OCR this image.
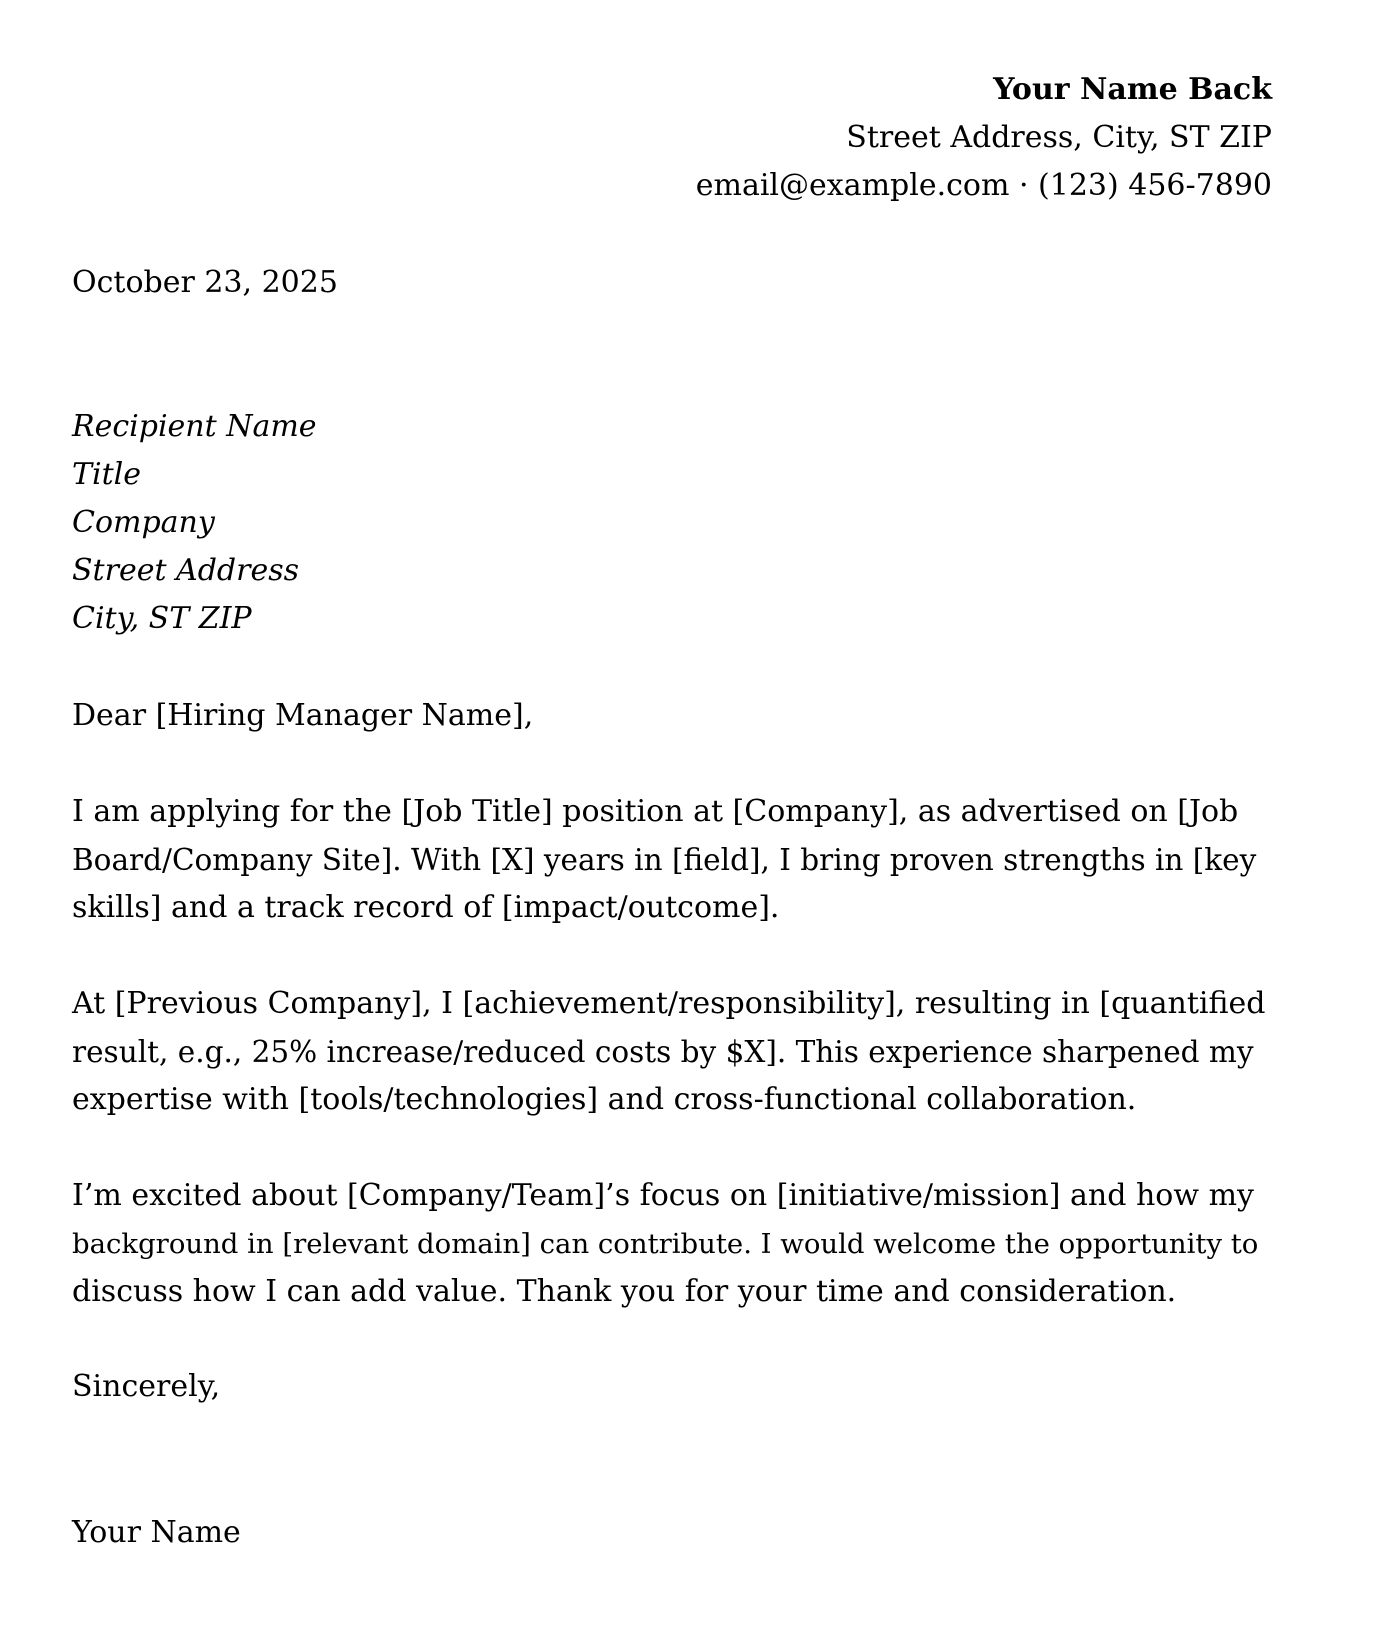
Your Name Back
Street Address, City, ST ZIP
email@example.com · (123) 456-7890
October 23, 2025
Recipient Name
Title
Company
Street Address
City, ST ZIP
Dear [Hiring Manager Name],
I am applying for the [Job Title] position at [Company], as advertised on [Job
Board/Company Site]. With [X] years in [field], I bring proven strengths in [key
skills] and a track record of [impact/outcome].
At [Previous Company], I [achievement/responsibility], resulting in [quantified
result, e.g., 25% increase/reduced costs by $X]. This experience sharpened my
expertise with [tools/technologies] and cross-functional collaboration.
I’m excited about [Company/Team]’s focus on [initiative/mission] and how my
background in [relevant domain] can contribute. I would welcome the opportunity to
discuss how I can add value. Thank you for your time and consideration.
Sincerely,
Your Name
